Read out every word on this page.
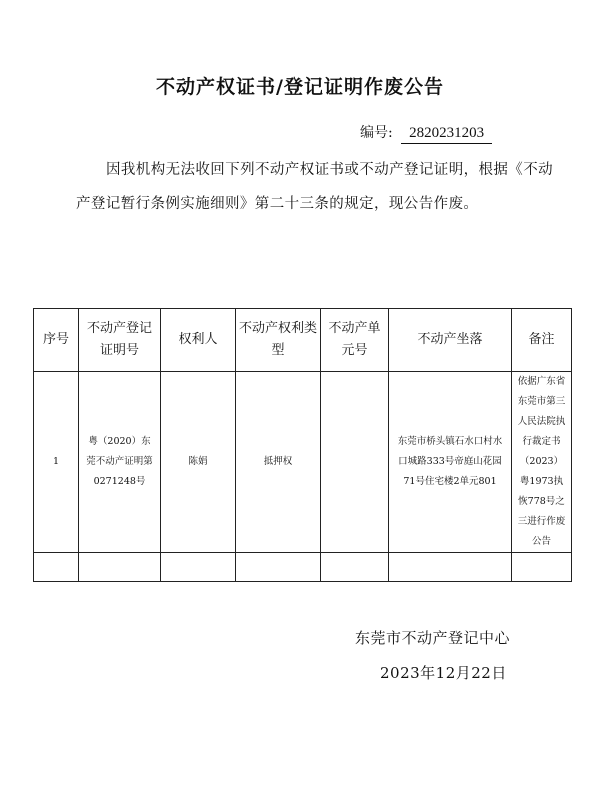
不动产权证书/登记证明作废公告
编号: 2820231203
因我机构无法收回下列不动产权证书或不动产登记证明，根据《不动产登记暂行条例实施细则》第二十三条的规定，现公告作废。
序号	不动产登记证明号	权利人	不动产权利类型	不动产单元号	不动产坐落	备注
1	粤（2020）东莞不动产证明第0271248号	陈娟	抵押权		东莞市桥头镇石水口村水口城路333号帝庭山花园71号住宅楼2单元801	依据广东省东莞市第三人民法院执行裁定书（2023）粤1973执恢778号之三进行作废公告

东莞市不动产登记中心
2023年12月22日
